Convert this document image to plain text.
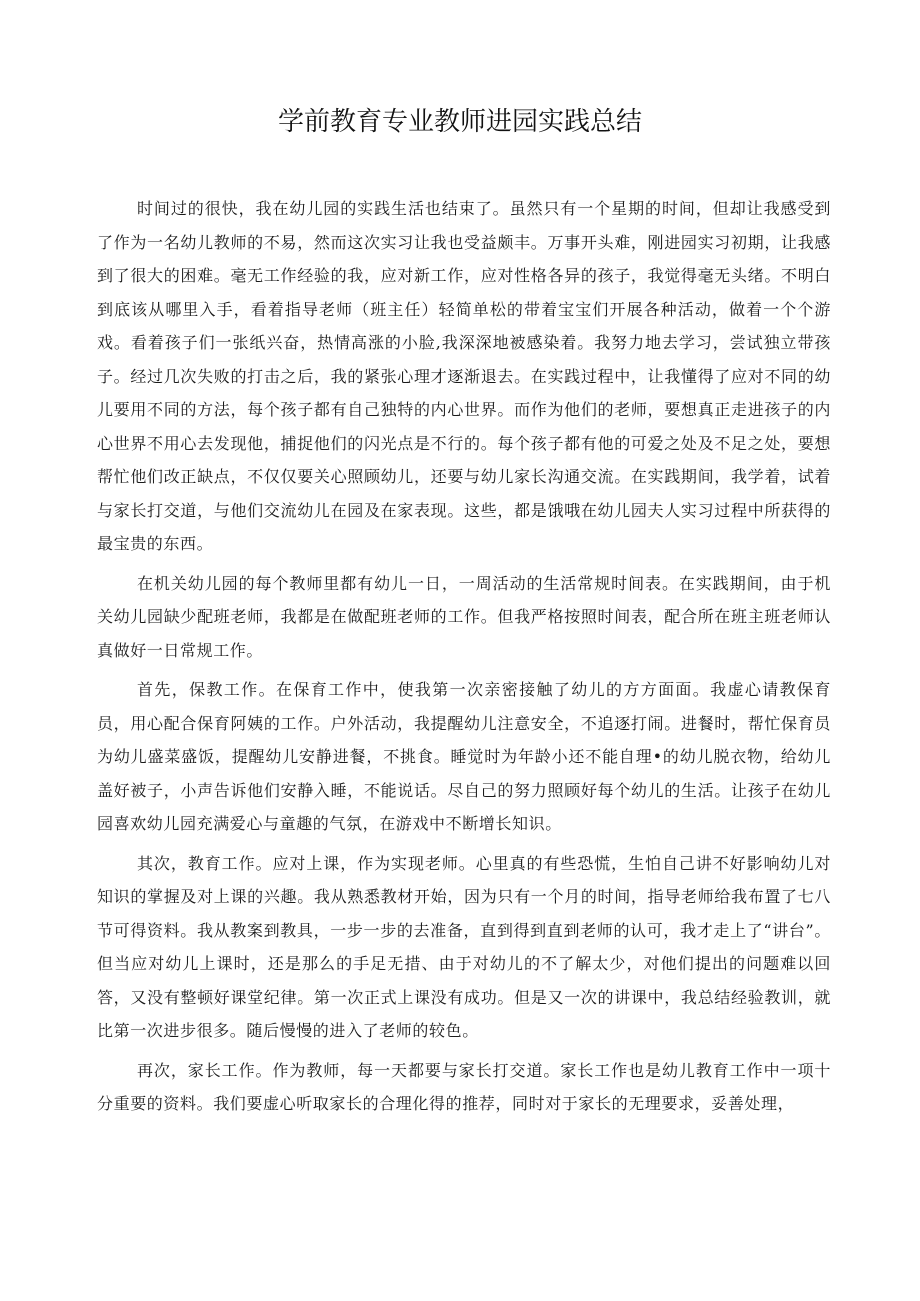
学前教育专业教师进园实践总结

时间过的很快，我在幼儿园的实践生活也结束了。虽然只有一个星期的时间，但却让我感受到了作为一名幼儿教师的不易，然而这次实习让我也受益颇丰。万事开头难，刚进园实习初期，让我感到了很大的困难。毫无工作经验的我，应对新工作，应对性格各异的孩子，我觉得毫无头绪。不明白到底该从哪里入手，看着指导老师（班主任）轻简单松的带着宝宝们开展各种活动，做着一个个游戏。看着孩子们一张纸兴奋，热情高涨的小脸,我深深地被感染着。我努力地去学习，尝试独立带孩子。经过几次失败的打击之后，我的紧张心理才逐渐退去。在实践过程中，让我懂得了应对不同的幼儿要用不同的方法，每个孩子都有自己独特的内心世界。而作为他们的老师，要想真正走进孩子的内心世界不用心去发现他，捕捉他们的闪光点是不行的。每个孩子都有他的可爱之处及不足之处，要想帮忙他们改正缺点，不仅仅要关心照顾幼儿，还要与幼儿家长沟通交流。在实践期间，我学着，试着与家长打交道，与他们交流幼儿在园及在家表现。这些，都是饿哦在幼儿园夫人实习过程中所获得的最宝贵的东西。

在机关幼儿园的每个教师里都有幼儿一日，一周活动的生活常规时间表。在实践期间，由于机关幼儿园缺少配班老师，我都是在做配班老师的工作。但我严格按照时间表，配合所在班主班老师认真做好一日常规工作。

首先，保教工作。在保育工作中，使我第一次亲密接触了幼儿的方方面面。我虚心请教保育员，用心配合保育阿姨的工作。户外活动，我提醒幼儿注意安全，不追逐打闹。进餐时，帮忙保育员为幼儿盛菜盛饭，提醒幼儿安静进餐，不挑食。睡觉时为年龄小还不能自理•的幼儿脱衣物，给幼儿盖好被子，小声告诉他们安静入睡，不能说话。尽自己的努力照顾好每个幼儿的生活。让孩子在幼儿园喜欢幼儿园充满爱心与童趣的气氛，在游戏中不断增长知识。

其次，教育工作。应对上课，作为实现老师。心里真的有些恐慌，生怕自己讲不好影响幼儿对知识的掌握及对上课的兴趣。我从熟悉教材开始，因为只有一个月的时间，指导老师给我布置了七八节可得资料。我从教案到教具，一步一步的去准备，直到得到直到老师的认可，我才走上了“讲台”。但当应对幼儿上课时，还是那么的手足无措、由于对幼儿的不了解太少，对他们提出的问题难以回答，又没有整顿好课堂纪律。第一次正式上课没有成功。但是又一次的讲课中，我总结经验教训，就比第一次进步很多。随后慢慢的进入了老师的较色。

再次，家长工作。作为教师，每一天都要与家长打交道。家长工作也是幼儿教育工作中一项十分重要的资料。我们要虚心听取家长的合理化得的推荐，同时对于家长的无理要求，妥善处理，
